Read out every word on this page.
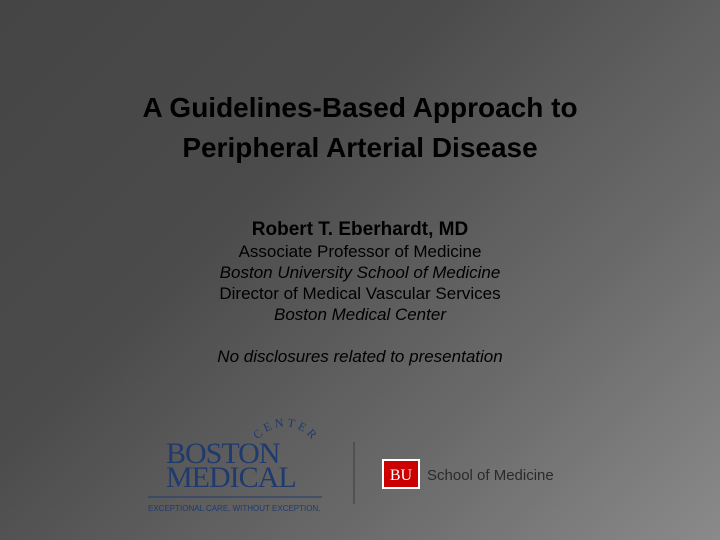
A Guidelines-Based Approach to
Peripheral Arterial Disease
Robert T. Eberhardt, MD
Associate Professor of Medicine
Boston University School of Medicine
Director of Medical Vascular Services
Boston Medical Center
No disclosures related to presentation
CENTER
BOSTON
MEDICAL
EXCEPTIONAL CARE. WITHOUT EXCEPTION.
BU School of Medicine
